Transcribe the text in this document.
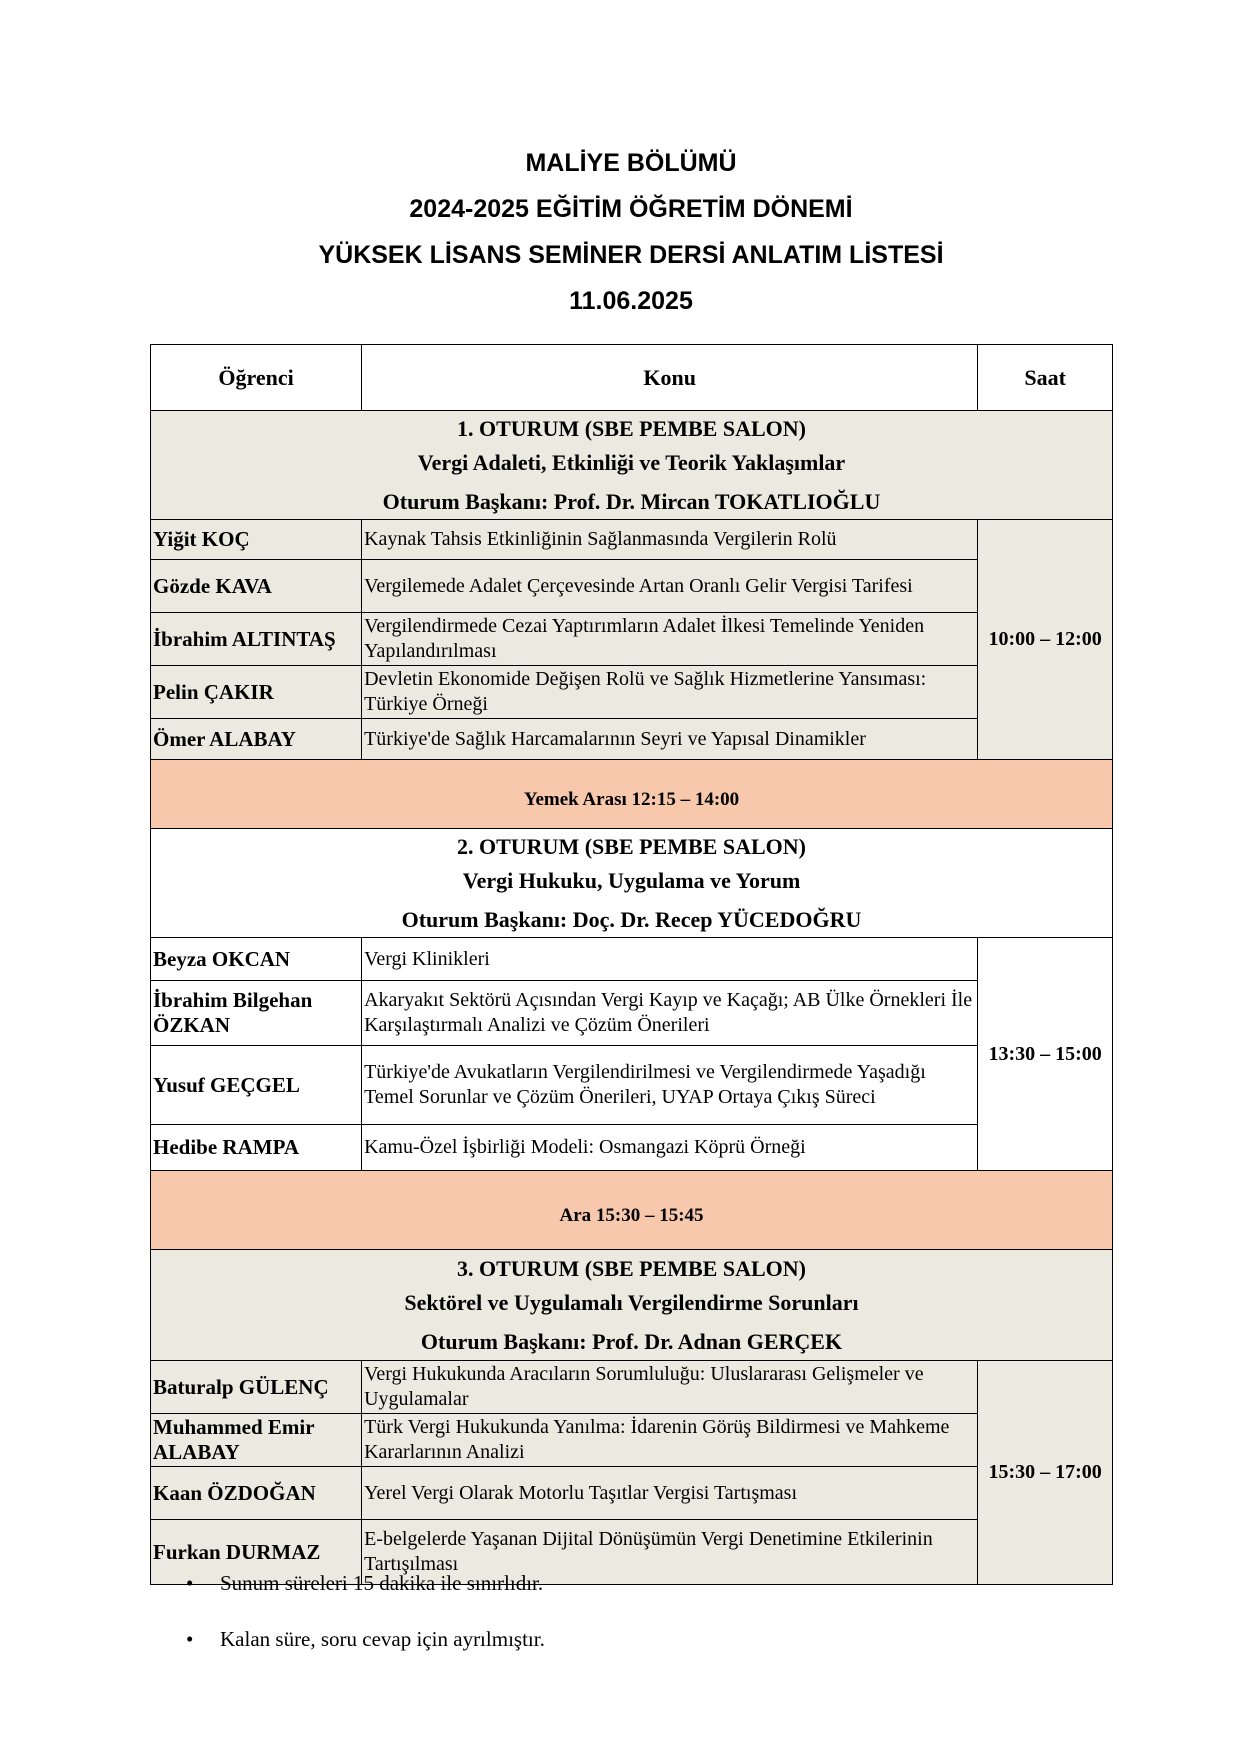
MALİYE BÖLÜMÜ
2024-2025 EĞİTİM ÖĞRETİM DÖNEMİ
YÜKSEK LİSANS SEMİNER DERSİ ANLATIM LİSTESİ
11.06.2025
Öğrenci	Konu	Saat

1. OTURUM (SBE PEMBE SALON)
Vergi Adaleti, Etkinliği ve Teorik Yaklaşımlar
Oturum Başkanı: Prof. Dr. Mircan TOKATLIOĞLU		

Yiğit KOÇ	Kaynak Tahsis Etkinliğinin Sağlanmasında Vergilerin Rolü	10:00 – 12:00
Gözde KAVA	Vergilemede Adalet Çerçevesinde Artan Oranlı Gelir Vergisi Tarifesi	
İbrahim ALTINTAŞ	Vergilendirmede Cezai Yaptırımların Adalet İlkesi Temelinde Yeniden Yapılandırılması	
Pelin ÇAKIR	Devletin Ekonomide Değişen Rolü ve Sağlık Hizmetlerine Yansıması: Türkiye Örneği	
Ömer ALABAY	Türkiye'de Sağlık Harcamalarının Seyri ve Yapısal Dinamikler	
Yemek Arası 12:15 – 14:00		

2. OTURUM (SBE PEMBE SALON)
Vergi Hukuku, Uygulama ve Yorum
Oturum Başkanı: Doç. Dr. Recep YÜCEDOĞRU		

Beyza OKCAN	Vergi Klinikleri	13:30 – 15:00
İbrahim Bilgehan ÖZKAN	Akaryakıt Sektörü Açısından Vergi Kayıp ve Kaçağı; AB Ülke Örnekleri İle Karşılaştırmalı Analizi ve Çözüm Önerileri	
Yusuf GEÇGEL	Türkiye'de Avukatların Vergilendirilmesi ve Vergilendirmede Yaşadığı Temel Sorunlar ve Çözüm Önerileri, UYAP Ortaya Çıkış Süreci	
Hedibe RAMPA	Kamu-Özel İşbirliği Modeli: Osmangazi Köprü Örneği	
Ara 15:30 – 15:45		

3. OTURUM (SBE PEMBE SALON)
Sektörel ve Uygulamalı Vergilendirme Sorunları
Oturum Başkanı: Prof. Dr. Adnan GERÇEK		

Baturalp GÜLENÇ	Vergi Hukukunda Aracıların Sorumluluğu: Uluslararası Gelişmeler ve Uygulamalar	15:30 – 17:00
Muhammed Emir ALABAY	Türk Vergi Hukukunda Yanılma: İdarenin Görüş Bildirmesi ve Mahkeme Kararlarının Analizi	
Kaan ÖZDOĞAN	Yerel Vergi Olarak Motorlu Taşıtlar Vergisi Tartışması	
Furkan DURMAZ	E-belgelerde Yaşanan Dijital Dönüşümün Vergi Denetimine Etkilerinin Tartışılması	
• Sunum süreleri 15 dakika ile sınırlıdır.
• Kalan süre, soru cevap için ayrılmıştır.
